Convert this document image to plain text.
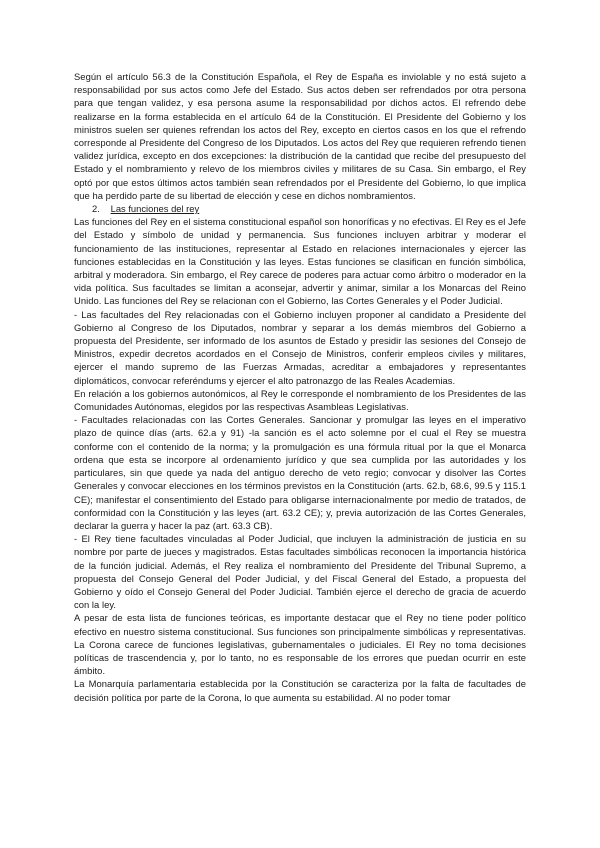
Según el artículo 56.3 de la Constitución Española, el Rey de España es inviolable y no está sujeto a responsabilidad por sus actos como Jefe del Estado. Sus actos deben ser refrendados por otra persona para que tengan validez, y esa persona asume la responsabilidad por dichos actos. El refrendo debe realizarse en la forma establecida en el artículo 64 de la Constitución. El Presidente del Gobierno y los ministros suelen ser quienes refrendan los actos del Rey, excepto en ciertos casos en los que el refrendo corresponde al Presidente del Congreso de los Diputados. Los actos del Rey que requieren refrendo tienen validez jurídica, excepto en dos excepciones: la distribución de la cantidad que recibe del presupuesto del Estado y el nombramiento y relevo de los miembros civiles y militares de su Casa. Sin embargo, el Rey optó por que estos últimos actos también sean refrendados por el Presidente del Gobierno, lo que implica que ha perdido parte de su libertad de elección y cese en dichos nombramientos.

2. Las funciones del rey

Las funciones del Rey en el sistema constitucional español son honoríficas y no efectivas. El Rey es el Jefe del Estado y símbolo de unidad y permanencia. Sus funciones incluyen arbitrar y moderar el funcionamiento de las instituciones, representar al Estado en relaciones internacionales y ejercer las funciones establecidas en la Constitución y las leyes. Estas funciones se clasifican en función simbólica, arbitral y moderadora. Sin embargo, el Rey carece de poderes para actuar como árbitro o moderador en la vida política. Sus facultades se limitan a aconsejar, advertir y animar, similar a los Monarcas del Reino Unido. Las funciones del Rey se relacionan con el Gobierno, las Cortes Generales y el Poder Judicial.

- Las facultades del Rey relacionadas con el Gobierno incluyen proponer al candidato a Presidente del Gobierno al Congreso de los Diputados, nombrar y separar a los demás miembros del Gobierno a propuesta del Presidente, ser informado de los asuntos de Estado y presidir las sesiones del Consejo de Ministros, expedir decretos acordados en el Consejo de Ministros, conferir empleos civiles y militares, ejercer el mando supremo de las Fuerzas Armadas, acreditar a embajadores y representantes diplomáticos, convocar referéndums y ejercer el alto patronazgo de las Reales Academias.

En relación a los gobiernos autonómicos, al Rey le corresponde el nombramiento de los Presidentes de las Comunidades Autónomas, elegidos por las respectivas Asambleas Legislativas.

- Facultades relacionadas con las Cortes Generales. Sancionar y promulgar las leyes en el imperativo plazo de quince días (arts. 62.a y 91) -la sanción es el acto solemne por el cual el Rey se muestra conforme con el contenido de la norma; y la promulgación es una fórmula ritual por la que el Monarca ordena que esta se incorpore al ordenamiento jurídico y que sea cumplida por las autoridades y los particulares, sin que quede ya nada del antiguo derecho de veto regio; convocar y disolver las Cortes Generales y convocar elecciones en los términos previstos en la Constitución (arts. 62.b, 68.6, 99.5 y 115.1 CE); manifestar el consentimiento del Estado para obligarse internacionalmente por medio de tratados, de conformidad con la Constitución y las leyes (art. 63.2 CE); y, previa autorización de las Cortes Generales, declarar la guerra y hacer la paz (art. 63.3 CB).

- El Rey tiene facultades vinculadas al Poder Judicial, que incluyen la administración de justicia en su nombre por parte de jueces y magistrados. Estas facultades simbólicas reconocen la importancia histórica de la función judicial. Además, el Rey realiza el nombramiento del Presidente del Tribunal Supremo, a propuesta del Consejo General del Poder Judicial, y del Fiscal General del Estado, a propuesta del Gobierno y oído el Consejo General del Poder Judicial. También ejerce el derecho de gracia de acuerdo con la ley.

A pesar de esta lista de funciones teóricas, es importante destacar que el Rey no tiene poder político efectivo en nuestro sistema constitucional. Sus funciones son principalmente simbólicas y representativas. La Corona carece de funciones legislativas, gubernamentales o judiciales. El Rey no toma decisiones políticas de trascendencia y, por lo tanto, no es responsable de los errores que puedan ocurrir en este ámbito.

La Monarquía parlamentaria establecida por la Constitución se caracteriza por la falta de facultades de decisión política por parte de la Corona, lo que aumenta su estabilidad. Al no poder tomar
